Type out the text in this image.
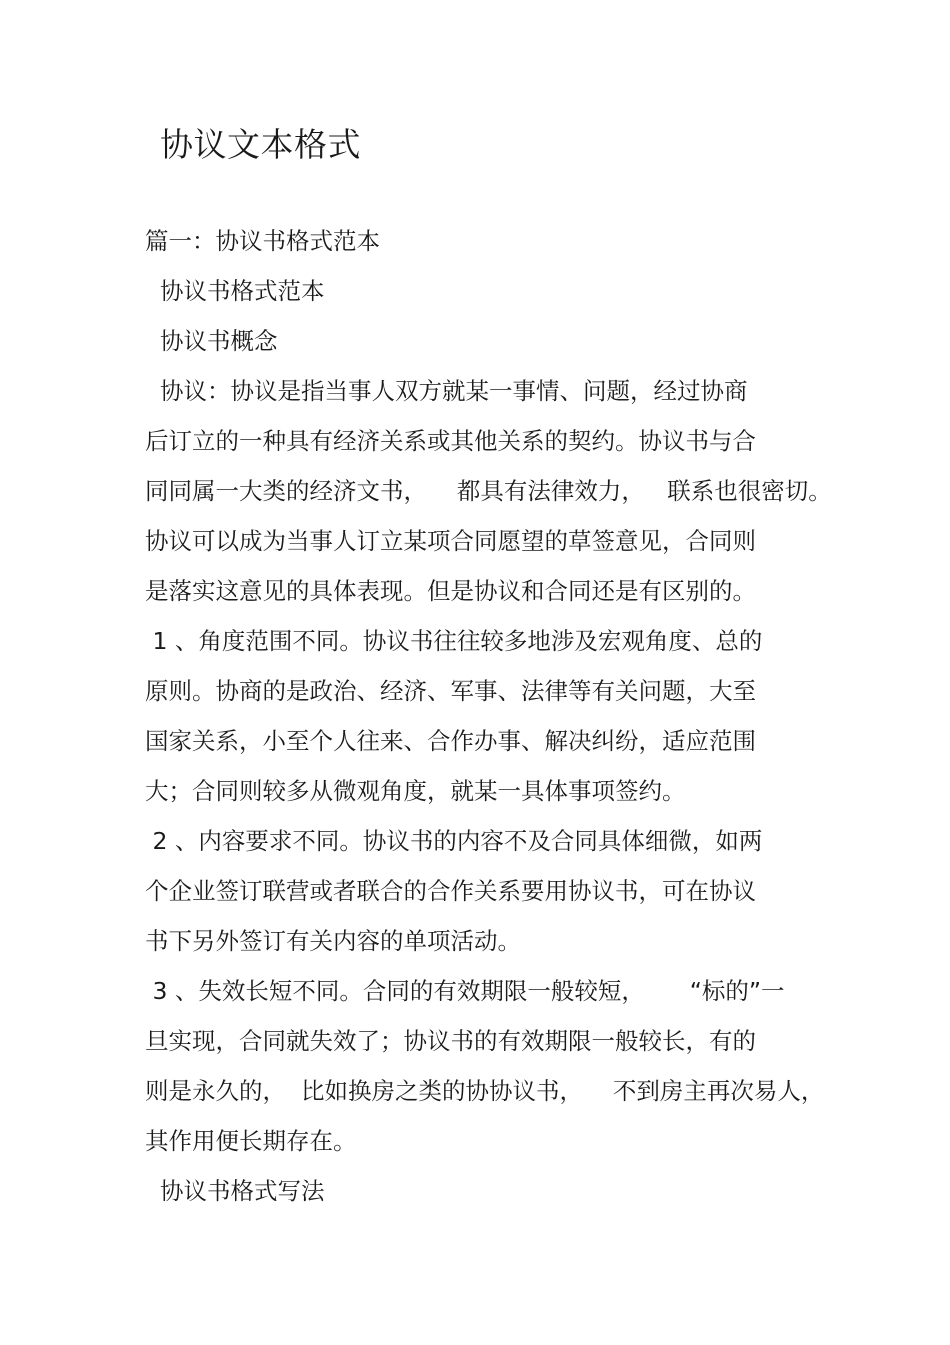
协议文本格式
篇一：协议书格式范本
协议书格式范本
协议书概念
协议：协议是指当事人双方就某一事情、问题，经过协商
后订立的一种具有经济关系或其他关系的契约。协议书与合
同同属一大类的经济文书，    都具有法律效力，   联系也很密切。
协议可以成为当事人订立某项合同愿望的草签意见，合同则
是落实这意见的具体表现。但是协议和合同还是有区别的。
1 、角度范围不同。协议书往往较多地涉及宏观角度、总的
原则。协商的是政治、经济、军事、法律等有关问题，大至
国家关系，小至个人往来、合作办事、解决纠纷，适应范围
大；合同则较多从微观角度，就某一具体事项签约。
2 、内容要求不同。协议书的内容不及合同具体细微，如两
个企业签订联营或者联合的合作关系要用协议书，可在协议
书下另外签订有关内容的单项活动。
3 、失效长短不同。合同的有效期限一般较短，      “标的”一
旦实现，合同就失效了；协议书的有效期限一般较长，有的
则是永久的，  比如换房之类的协协议书，    不到房主再次易人，
其作用便长期存在。
协议书格式写法
